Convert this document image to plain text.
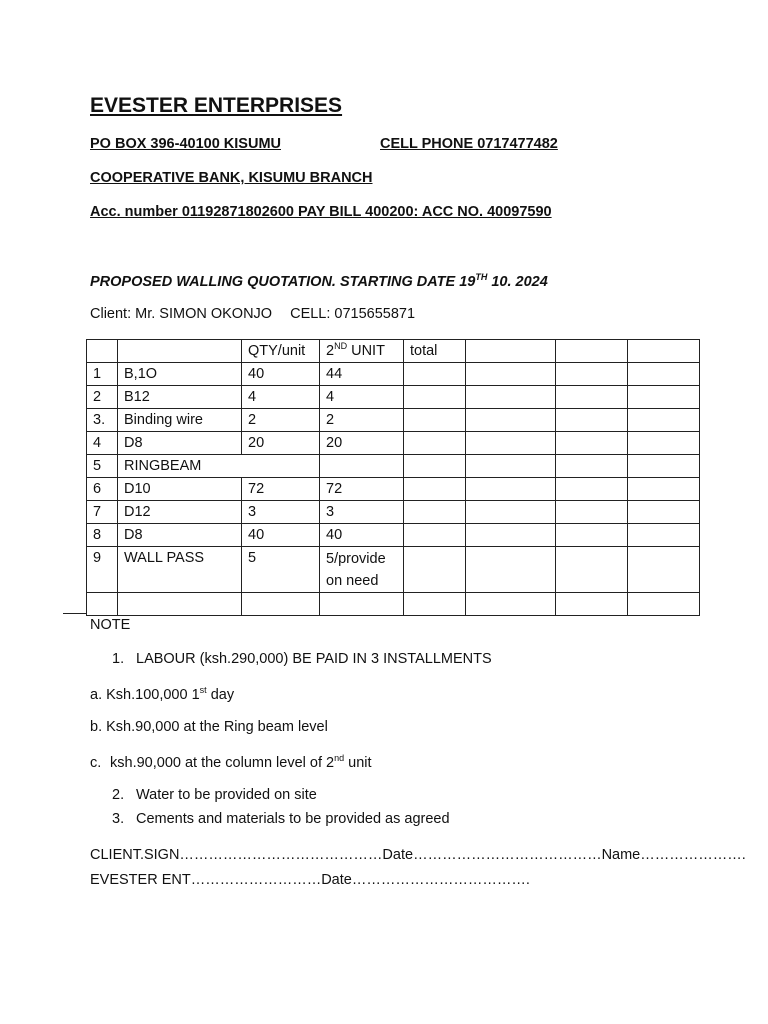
EVESTER ENTERPRISES
PO BOX 396-40100 KISUMU	CELL PHONE 0717477482
COOPERATIVE BANK, KISUMU BRANCH
Acc. number 01192871802600 PAY BILL 400200: ACC NO. 40097590
PROPOSED WALLING QUOTATION. STARTING DATE 19TH 10. 2024
Client: Mr. SIMON OKONJO CELL: 0715655871
		QTY/unit	2ND UNIT	total			
1	B,1O	40	44				
2	B12	4	4				
3.	Binding wire	2	2				
4	D8	20	20				
5	RINGBEAM						
6	D10	72	72				
7	D12	3	3				
8	D8	40	40				
9	WALL PASS	5	5/provide on need				

NOTE
1. LABOUR (ksh.290,000) BE PAID IN 3 INSTALLMENTS
a. Ksh.100,000 1st day
b. Ksh.90,000 at the Ring beam level
c. ksh.90,000 at the column level of 2nd unit
2. Water to be provided on site
3. Cements and materials to be provided as agreed
CLIENT.SIGN……………………………………Date…………………………………Name………………….
EVESTER ENT………………………Date……………………………….
